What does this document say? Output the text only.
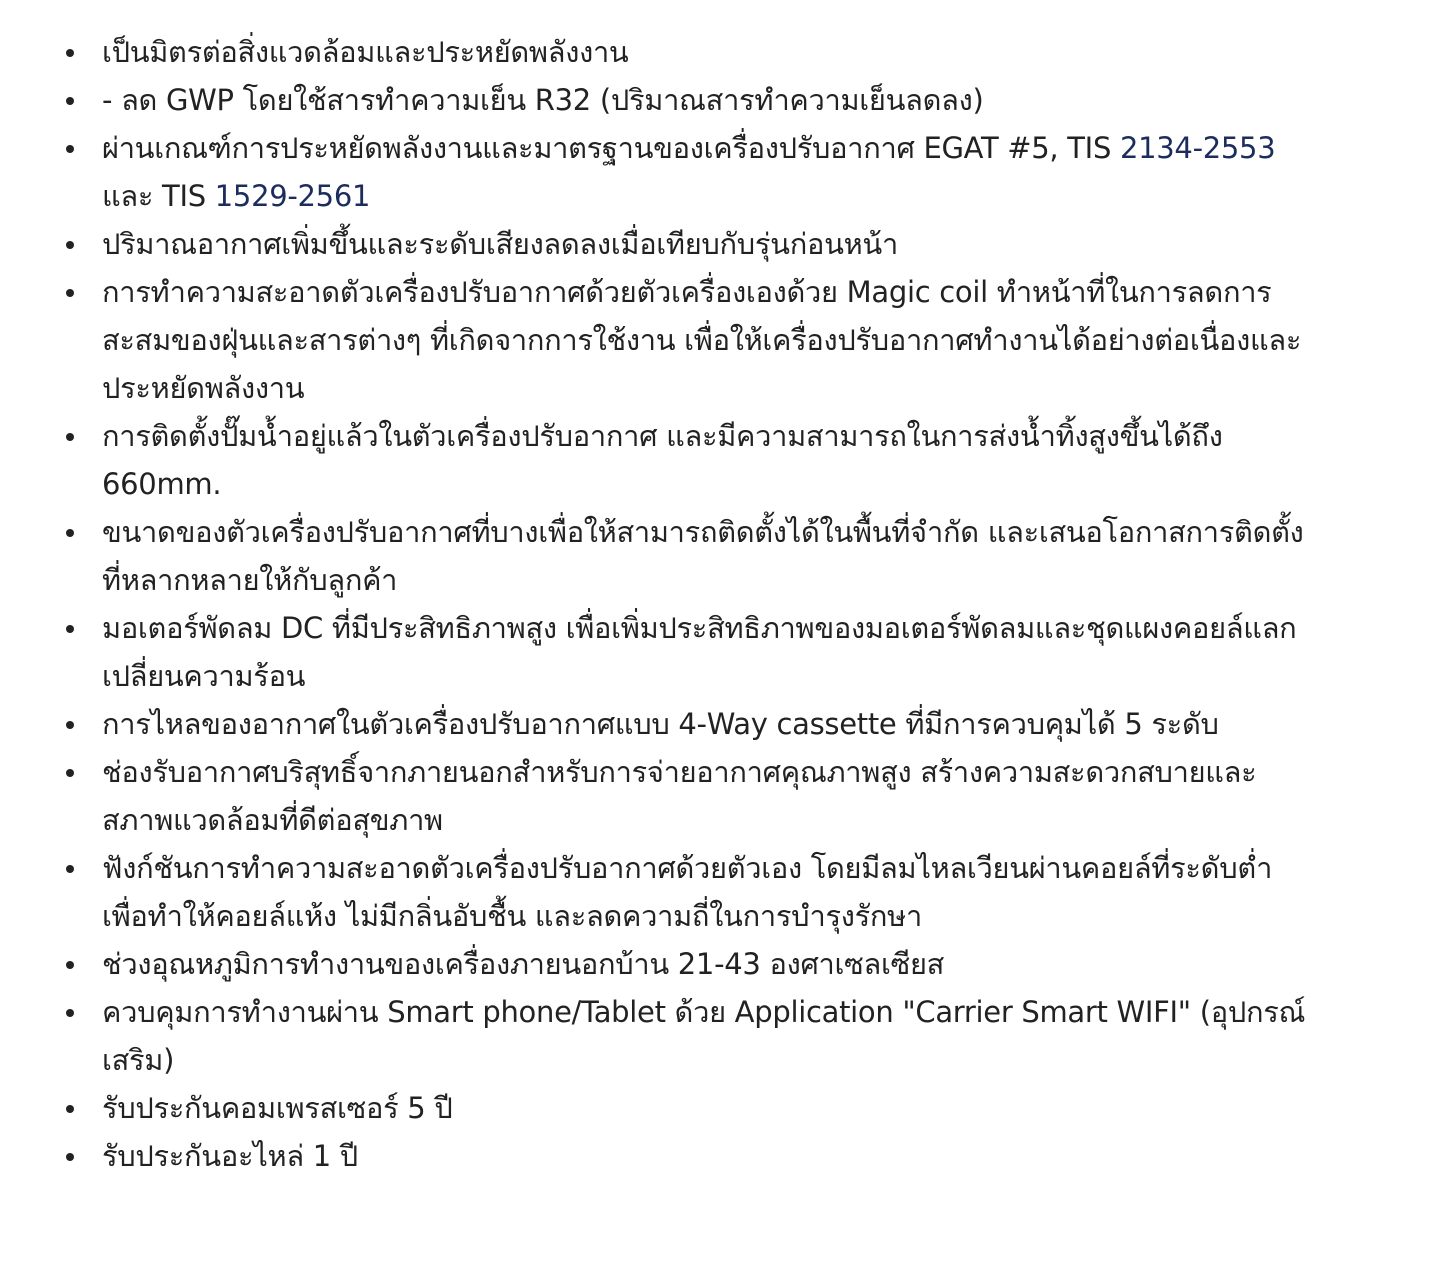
เป็นมิตรต่อสิ่งแวดล้อมและประหยัดพลังงาน
- ลด GWP โดยใช้สารทำความเย็น R32 (ปริมาณสารทำความเย็นลดลง)
ผ่านเกณฑ์การประหยัดพลังงานและมาตรฐานของเครื่องปรับอากาศ EGAT #5, TIS 2134-2553
และ TIS 1529-2561
ปริมาณอากาศเพิ่มขึ้นและระดับเสียงลดลงเมื่อเทียบกับรุ่นก่อนหน้า
การทำความสะอาดตัวเครื่องปรับอากาศด้วยตัวเครื่องเองด้วย Magic coil ทำหน้าที่ในการลดการ
สะสมของฝุ่นและสารต่างๆ ที่เกิดจากการใช้งาน เพื่อให้เครื่องปรับอากาศทำงานได้อย่างต่อเนื่องและ
ประหยัดพลังงาน
การติดตั้งปั๊มน้ำอยู่แล้วในตัวเครื่องปรับอากาศ และมีความสามารถในการส่งน้ำทิ้งสูงขึ้นได้ถึง
660mm.
ขนาดของตัวเครื่องปรับอากาศที่บางเพื่อให้สามารถติดตั้งได้ในพื้นที่จำกัด และเสนอโอกาสการติดตั้ง
ที่หลากหลายให้กับลูกค้า
มอเตอร์พัดลม DC ที่มีประสิทธิภาพสูง เพื่อเพิ่มประสิทธิภาพของมอเตอร์พัดลมและชุดแผงคอยล์แลก
เปลี่ยนความร้อน
การไหลของอากาศในตัวเครื่องปรับอากาศแบบ 4-Way cassette ที่มีการควบคุมได้ 5 ระดับ
ช่องรับอากาศบริสุทธิ์จากภายนอกสำหรับการจ่ายอากาศคุณภาพสูง สร้างความสะดวกสบายและ
สภาพแวดล้อมที่ดีต่อสุขภาพ
ฟังก์ชันการทำความสะอาดตัวเครื่องปรับอากาศด้วยตัวเอง โดยมีลมไหลเวียนผ่านคอยล์ที่ระดับต่ำ
เพื่อทำให้คอยล์แห้ง ไม่มีกลิ่นอับชื้น และลดความถี่ในการบำรุงรักษา
ช่วงอุณหภูมิการทำงานของเครื่องภายนอกบ้าน 21-43 องศาเซลเซียส
ควบคุมการทำงานผ่าน Smart phone/Tablet ด้วย Application "Carrier Smart WIFI" (อุปกรณ์
เสริม)
รับประกันคอมเพรสเซอร์ 5 ปี
รับประกันอะไหล่ 1 ปี
